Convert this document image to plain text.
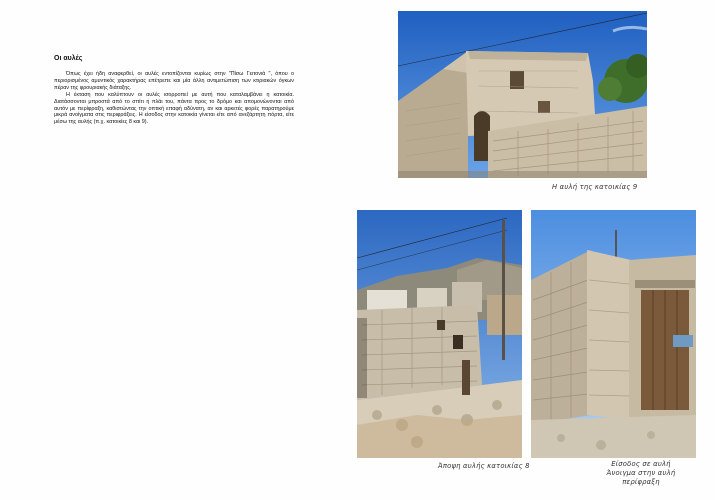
Οι αυλές

Όπως έχει ήδη αναφερθεί, οι αυλές εντοπίζονται κυρίως στην "Πίσω Γειτονιά ", όπου ο περιορισμένος αμυντικός χαρακτήρας επέτρεπε και μία άλλη αντιμετώπιση των κτιριακών όγκων πέραν της φρουριακής διάταξης.

Η έκταση που καλύπτουν οι αυλές ισορροπεί με αυτή που καταλαμβάνει η κατοικία. Διατάσσονται μπροστά από το σπίτι ή πλάι του, πάντα προς το δρόμο και απομονώνονται από αυτόν με περίφραξη, καθιστώντας την οπτική επαφή αδύνατη, αν και αρκετές φορές παρατηρούμε μικρά ανοίγματα στις περιφράξεις. Η είσοδος στην κατοικία γίνεται είτε από ανεξάρτητη πόρτα, είτε μέσω της αυλής (π.χ. κατοικίες 8 και 9).

Η αυλή της κατοικίας 9
Άποψη αυλής κατοικίας 8	Είσοδος σε αυλή
Άνοιγμα στην αυλή
περίφραξη
